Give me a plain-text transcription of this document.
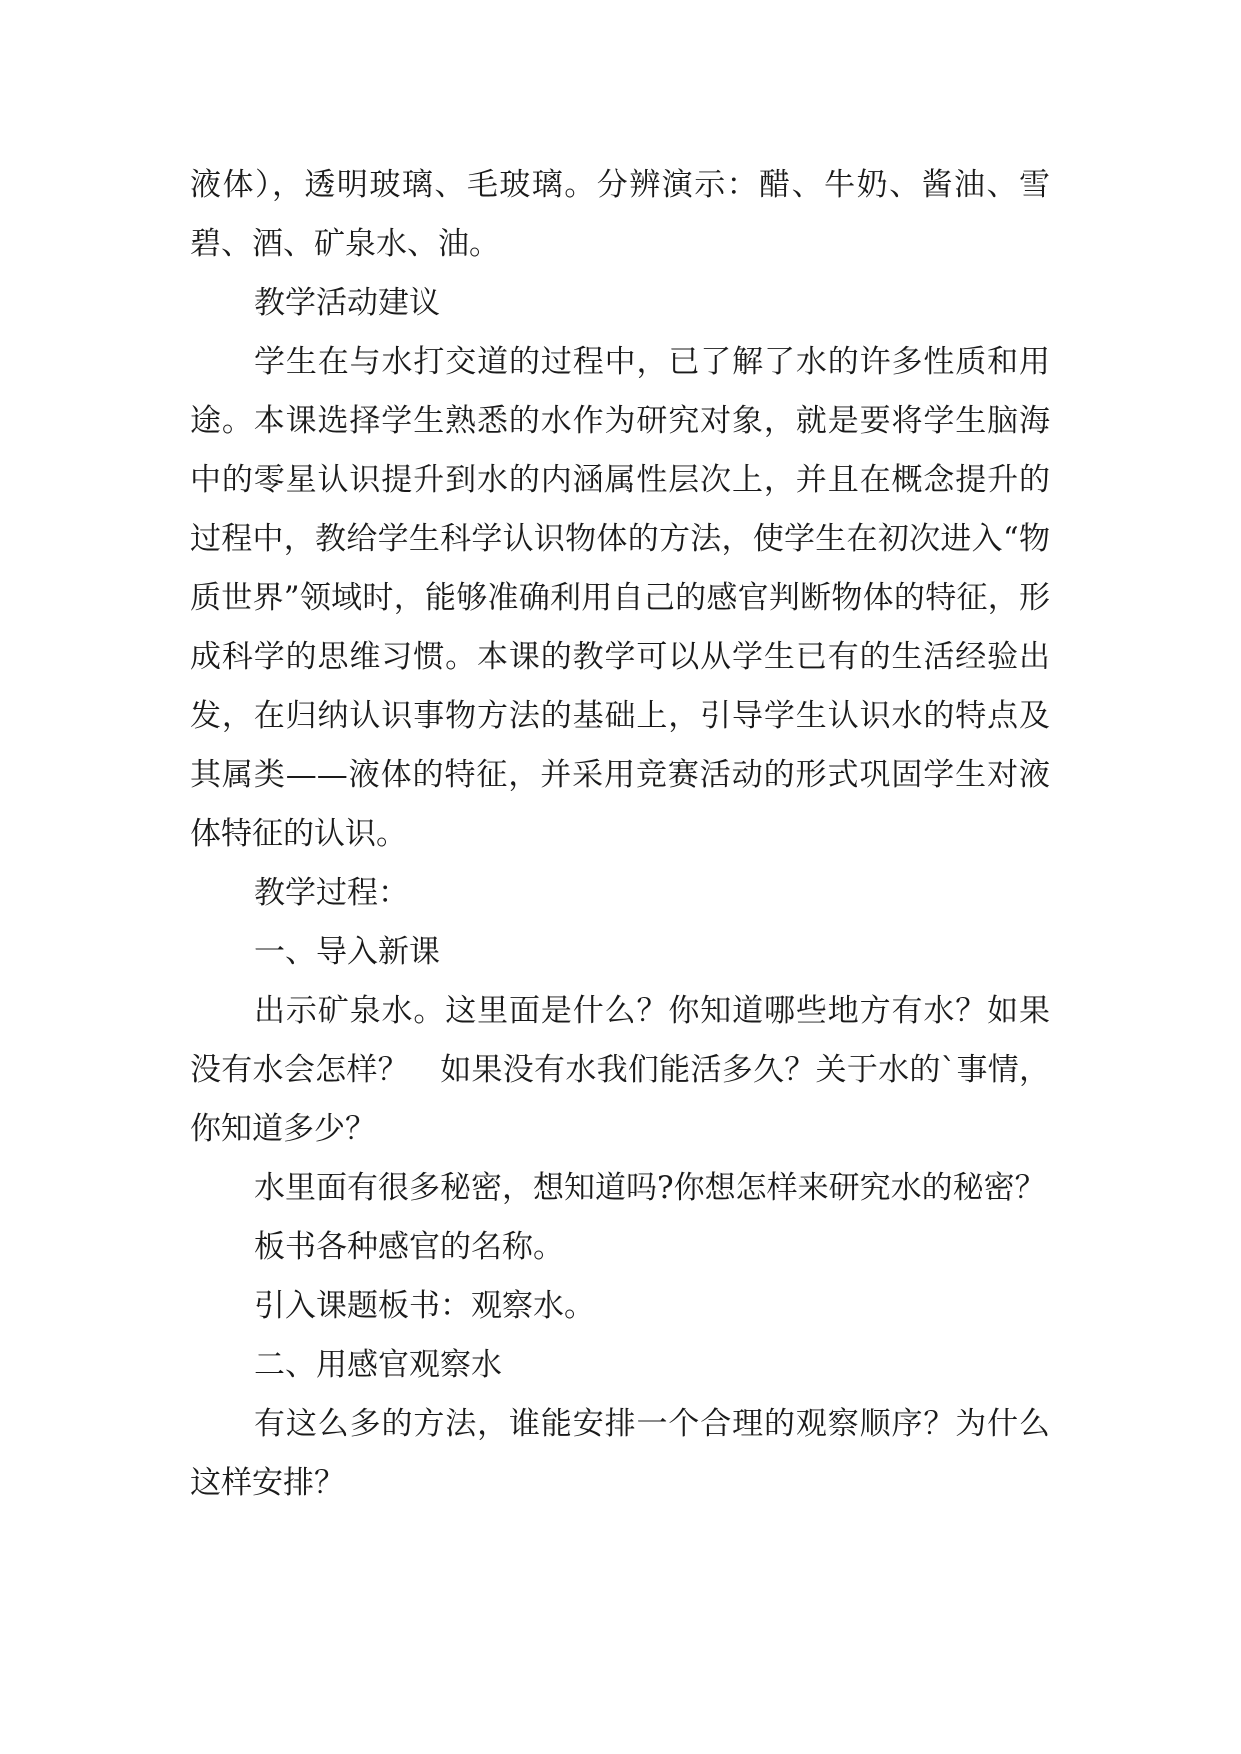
液体），透明玻璃、毛玻璃。分辨演示：醋、牛奶、酱油、雪碧、酒、矿泉水、油。

教学活动建议

学生在与水打交道的过程中，已了解了水的许多性质和用途。本课选择学生熟悉的水作为研究对象，就是要将学生脑海中的零星认识提升到水的内涵属性层次上，并且在概念提升的过程中，教给学生科学认识物体的方法，使学生在初次进入“物质世界”领域时，能够准确利用自己的感官判断物体的特征，形成科学的思维习惯。本课的教学可以从学生已有的生活经验出发，在归纳认识事物方法的基础上，引导学生认识水的特点及其属类——液体的特征，并采用竞赛活动的形式巩固学生对液体特征的认识。

教学过程：

一、导入新课

出示矿泉水。这里面是什么？你知道哪些地方有水？如果没有水会怎样？　如果没有水我们能活多久？关于水的`事情，你知道多少？

水里面有很多秘密，想知道吗?你想怎样来研究水的秘密？

板书各种感官的名称。

引入课题板书：观察水。

二、用感官观察水

有这么多的方法，谁能安排一个合理的观察顺序？为什么这样安排？
